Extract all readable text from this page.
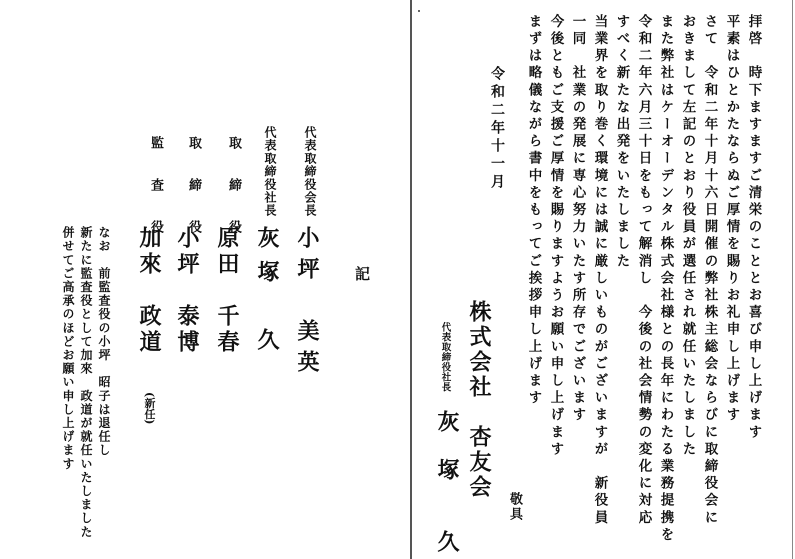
拝啓　時下ますますご清栄のこととお喜び申し上げます
平素はひとかたならぬご厚情を賜りお礼申し上げます
さて　令和二年十月十六日開催の弊社株主総会ならびに取締役会に
おきまして左記のとおり役員が選任され就任いたしました
また弊社はケーオーデンタル株式会社様との長年にわたる業務提携を
令和二年六月三十日をもって解消し　今後の社会情勢の変化に対応
すべく新たな出発をいたしました
当業界を取り巻く環境には誠に厳しいものがございますが　新役員
一同　社業の発展に専心努力いたす所存でございます
今後ともご支援ご厚情を賜りますようお願い申し上げます
まずは略儀ながら書中をもってご挨拶申し上げます
令和二年十一月
株式会社　杏友会
代表取締役社長
灰　塚　　久	敬具
記
代表取締役会長
代表取締役社長
取　締　役
取　締　役
監　査　役
小坪　美英
灰塚　久
原田　千春
小坪　泰博
加來　政道
(新任)
なお　前監査役の小坪　昭子は退任し
新たに監査役として加來　政道が就任いたしました
併せてご高承のほどお願い申し上げます
